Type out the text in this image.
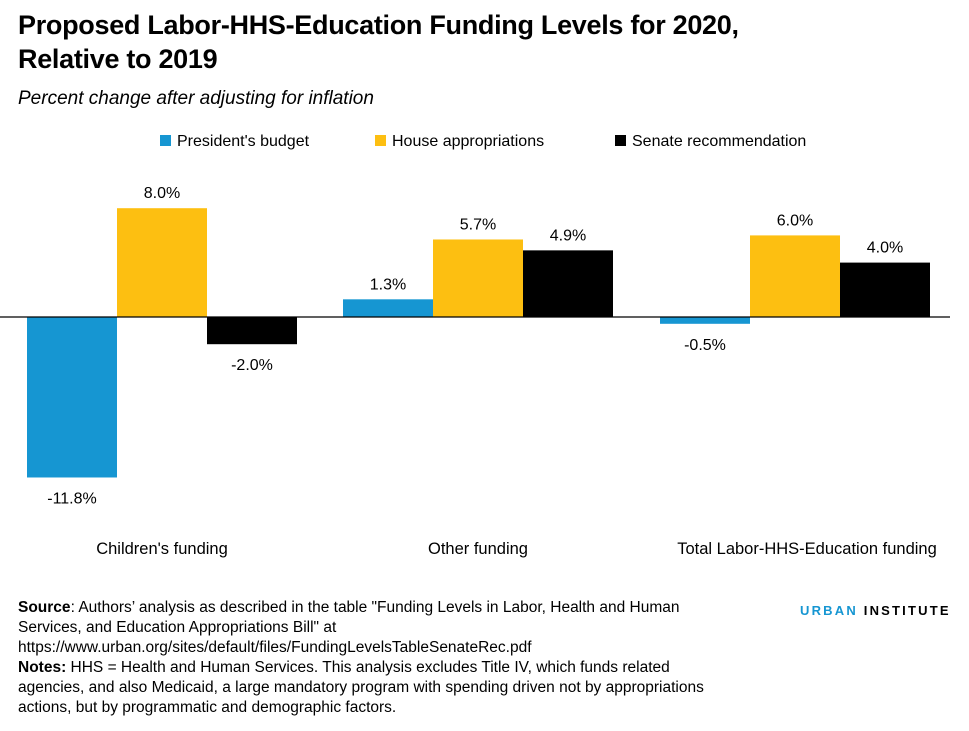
Proposed Labor-HHS-Education Funding Levels for 2020,
Relative to 2019
Percent change after adjusting for inflation
President's budget	House appropriations	Senate recommendation
-11.8%
1.3%
-0.5%
8.0%
5.7%	6.0%
-2.0%
4.9%
4.0%
Children's funding	Other funding	Total Labor-HHS-Education funding
Source: Authors’ analysis as described in the table "Funding Levels in Labor, Health and Human Services, and Education Appropriations Bill" at https://www.urban.org/sites/default/files/FundingLevelsTableSenateRec.pdf
Notes: HHS = Health and Human Services. This analysis excludes Title IV, which funds related agencies, and also Medicaid, a large mandatory program with spending driven not by appropriations actions, but by programmatic and demographic factors.
URBAN INSTITUTE
